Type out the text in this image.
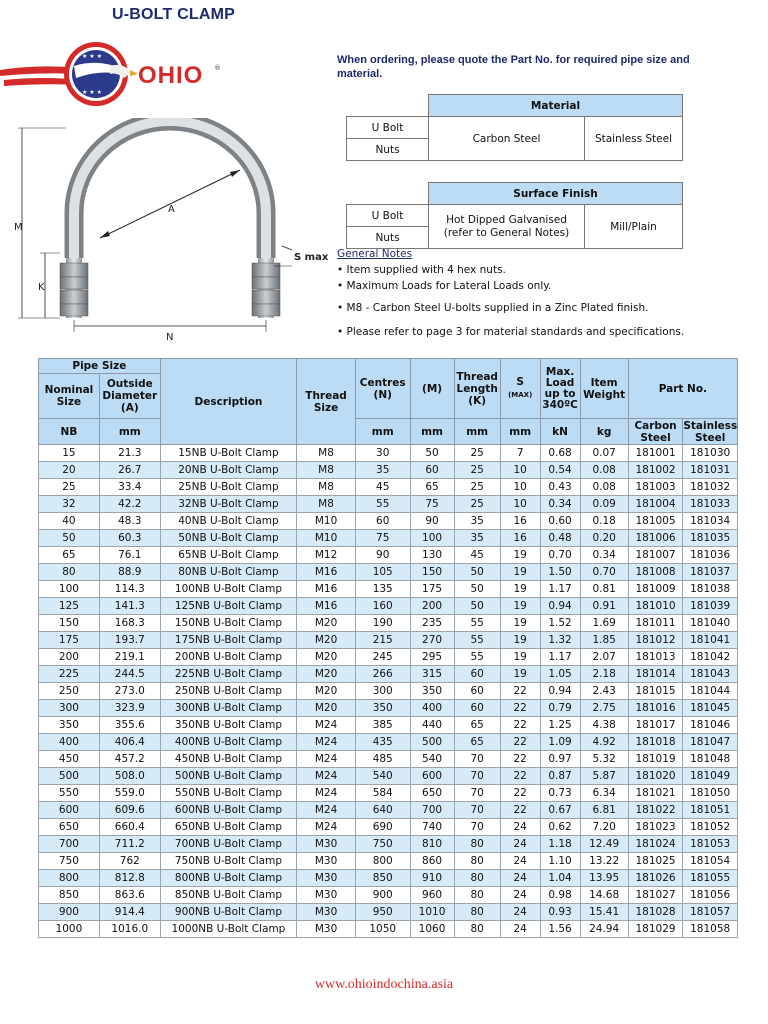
U-BOLT CLAMP
★ ★ ★
★ ★ ★
OHIO ®
A
M
K
N
S max
When ordering, please quote the Part No. for required pipe size and material.
	Material	
U Bolt	Carbon Steel	Stainless Steel
Nuts		

	Surface Finish	
U Bolt	Hot Dipped Galvanised (refer to General Notes)	Mill/Plain
Nuts		
General Notes
• Item supplied with 4 hex nuts.
• Maximum Loads for Lateral Loads only.
• M8 - Carbon Steel U-bolts supplied in a Zinc Plated finish.
• Please refer to page 3 for material standards and specifications.
Pipe Size		Description	Thread Size	Centres (N)	(M)	Thread Length (K)	S
(MAX)	Max. Load up to 340ºC	Item Weight	Part No.	
Nominal Size	Outside Diameter (A)										
NB	mm			mm	mm	mm	mm	kN	kg	Carbon Steel	Stainless Steel
15	21.3	15NB U-Bolt Clamp	M8	30	50	25	7	0.68	0.07	181001	181030
20	26.7	20NB U-Bolt Clamp	M8	35	60	25	10	0.54	0.08	181002	181031
25	33.4	25NB U-Bolt Clamp	M8	45	65	25	10	0.43	0.08	181003	181032
32	42.2	32NB U-Bolt Clamp	M8	55	75	25	10	0.34	0.09	181004	181033
40	48.3	40NB U-Bolt Clamp	M10	60	90	35	16	0.60	0.18	181005	181034
50	60.3	50NB U-Bolt Clamp	M10	75	100	35	16	0.48	0.20	181006	181035
65	76.1	65NB U-Bolt Clamp	M12	90	130	45	19	0.70	0.34	181007	181036
80	88.9	80NB U-Bolt Clamp	M16	105	150	50	19	1.50	0.70	181008	181037
100	114.3	100NB U-Bolt Clamp	M16	135	175	50	19	1.17	0.81	181009	181038
125	141.3	125NB U-Bolt Clamp	M16	160	200	50	19	0.94	0.91	181010	181039
150	168.3	150NB U-Bolt Clamp	M20	190	235	55	19	1.52	1.69	181011	181040
175	193.7	175NB U-Bolt Clamp	M20	215	270	55	19	1.32	1.85	181012	181041
200	219.1	200NB U-Bolt Clamp	M20	245	295	55	19	1.17	2.07	181013	181042
225	244.5	225NB U-Bolt Clamp	M20	266	315	60	19	1.05	2.18	181014	181043
250	273.0	250NB U-Bolt Clamp	M20	300	350	60	22	0.94	2.43	181015	181044
300	323.9	300NB U-Bolt Clamp	M20	350	400	60	22	0.79	2.75	181016	181045
350	355.6	350NB U-Bolt Clamp	M24	385	440	65	22	1.25	4.38	181017	181046
400	406.4	400NB U-Bolt Clamp	M24	435	500	65	22	1.09	4.92	181018	181047
450	457.2	450NB U-Bolt Clamp	M24	485	540	70	22	0.97	5.32	181019	181048
500	508.0	500NB U-Bolt Clamp	M24	540	600	70	22	0.87	5.87	181020	181049
550	559.0	550NB U-Bolt Clamp	M24	584	650	70	22	0.73	6.34	181021	181050
600	609.6	600NB U-Bolt Clamp	M24	640	700	70	22	0.67	6.81	181022	181051
650	660.4	650NB U-Bolt Clamp	M24	690	740	70	24	0.62	7.20	181023	181052
700	711.2	700NB U-Bolt Clamp	M30	750	810	80	24	1.18	12.49	181024	181053
750	762	750NB U-Bolt Clamp	M30	800	860	80	24	1.10	13.22	181025	181054
800	812.8	800NB U-Bolt Clamp	M30	850	910	80	24	1.04	13.95	181026	181055
850	863.6	850NB U-Bolt Clamp	M30	900	960	80	24	0.98	14.68	181027	181056
900	914.4	900NB U-Bolt Clamp	M30	950	1010	80	24	0.93	15.41	181028	181057
1000	1016.0	1000NB U-Bolt Clamp	M30	1050	1060	80	24	1.56	24.94	181029	181058
www.ohioindochina.asia
